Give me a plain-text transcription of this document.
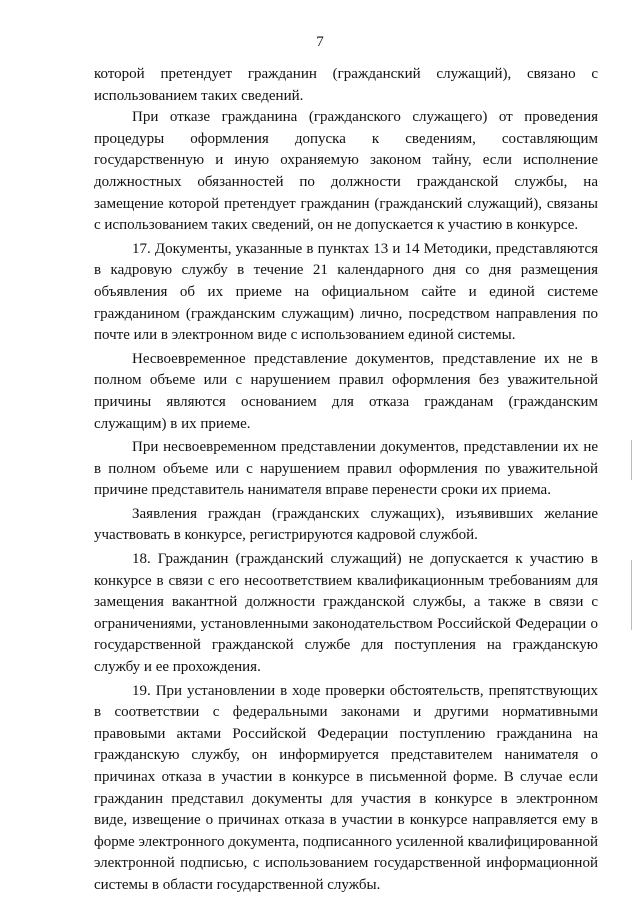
7

которой претендует гражданин (гражданский служащий), связано с использованием таких сведений.

При отказе гражданина (гражданского служащего) от проведения процедуры оформления допуска к сведениям, составляющим государственную и иную охраняемую законом тайну, если исполнение должностных обязанностей по должности гражданской службы, на замещение которой претендует гражданин (гражданский служащий), связаны с использованием таких сведений, он не допускается к участию в конкурсе.

17. Документы, указанные в пунктах 13 и 14 Методики, представляются в кадровую службу в течение 21 календарного дня со дня размещения объявления об их приеме на официальном сайте и единой системе гражданином (гражданским служащим) лично, посредством направления по почте или в электронном виде с использованием единой системы.

Несвоевременное представление документов, представление их не в полном объеме или с нарушением правил оформления без уважительной причины являются основанием для отказа гражданам (гражданским служащим) в их приеме.

При несвоевременном представлении документов, представлении их не в полном объеме или с нарушением правил оформления по уважительной причине представитель нанимателя вправе перенести сроки их приема.

Заявления граждан (гражданских служащих), изъявивших желание участвовать в конкурсе, регистрируются кадровой службой.

18. Гражданин (гражданский служащий) не допускается к участию в конкурсе в связи с его несоответствием квалификационным требованиям для замещения вакантной должности гражданской службы, а также в связи с ограничениями, установленными законодательством Российской Федерации о государственной гражданской службе для поступления на гражданскую службу и ее прохождения.

19. При установлении в ходе проверки обстоятельств, препятствующих в соответствии с федеральными законами и другими нормативными правовыми актами Российской Федерации поступлению гражданина на гражданскую службу, он информируется представителем нанимателя о причинах отказа в участии в конкурсе в письменной форме. В случае если гражданин представил документы для участия в конкурсе в электронном виде, извещение о причинах отказа в участии в конкурсе направляется ему в форме электронного документа, подписанного усиленной квалифицированной электронной подписью, с использованием государственной информационной системы в области государственной службы.
